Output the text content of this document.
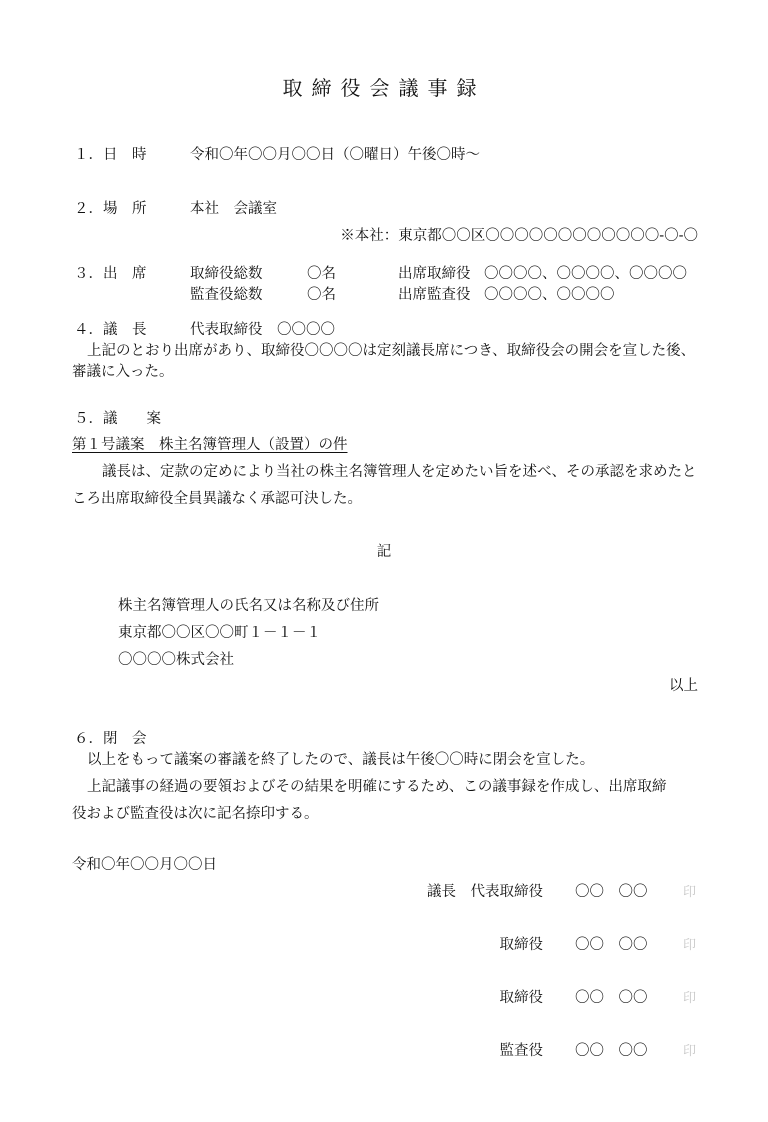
取締役会議事録
１．日　時	令和〇年〇〇月〇〇日（〇曜日）午後〇時～
２．場　所	本社　会議室
※本社：東京都〇〇区〇〇〇〇〇〇〇〇〇〇〇〇-〇-〇
３．出　席	取締役総数	〇名	出席取締役 〇〇〇〇、〇〇〇〇、〇〇〇〇
監査役総数	〇名	出席監査役 〇〇〇〇、〇〇〇〇
４．議　長	代表取締役　〇〇〇〇
上記のとおり出席があり、取締役〇〇〇〇は定刻議長席につき、取締役会の開会を宣した後、
審議に入った。
５．議　　案
第１号議案　株主名簿管理人（設置）の件
議長は、定款の定めにより当社の株主名簿管理人を定めたい旨を述べ、その承認を求めたと
ころ出席取締役全員異議なく承認可決した。
記
株主名簿管理人の氏名又は名称及び住所
東京都〇〇区〇〇町１－１－１
〇〇〇〇株式会社
以上
６．閉　会
以上をもって議案の審議を終了したので、議長は午後〇〇時に閉会を宣した。
上記議事の経過の要領およびその結果を明確にするため、この議事録を作成し、出席取締
役および監査役は次に記名捺印する。
令和〇年〇〇月〇〇日
議長　代表取締役 〇〇　〇〇	印
取締役 〇〇　〇〇	印
取締役 〇〇　〇〇	印
監査役 〇〇　〇〇	印
